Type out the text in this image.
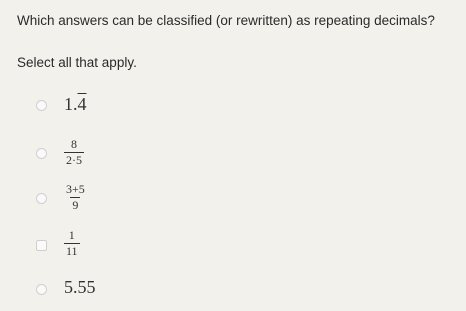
Which answers can be classified (or rewritten) as repeating decimals?
Select all that apply.
1.4
$\frac{8}{2\cdot 5}$
$\frac{3+5}{9}$
$\frac{1}{11}$
5.55
